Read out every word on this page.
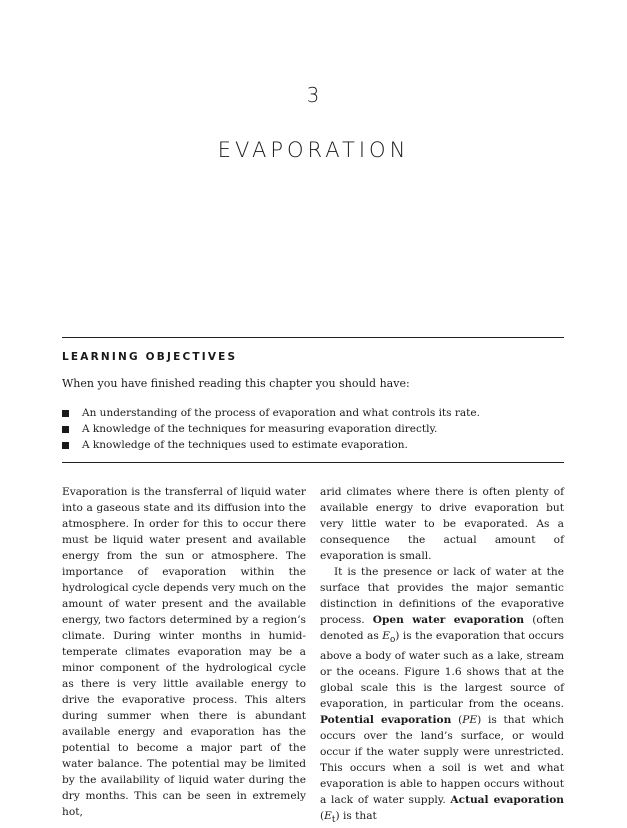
3
EVAPORATION
LEARNING OBJECTIVES
When you have finished reading this chapter you should have:
An understanding of the process of evaporation and what controls its rate.
A knowledge of the techniques for measuring evaporation directly.
A knowledge of the techniques used to estimate evaporation.

Evaporation is the transferral of liquid water into a gaseous state and its diffusion into the atmosphere. In order for this to occur there must be liquid water present and available energy from the sun or atmosphere. The importance of evaporation within the hydrological cycle depends very much on the amount of water present and the available energy, two factors determined by a region’s climate. During winter months in humid-temperate climates evaporation may be a minor component of the hydrological cycle as there is very little available energy to drive the evaporative process. This alters during summer when there is abundant available energy and evaporation has the potential to become a major part of the water balance. The potential may be limited by the availability of liquid water during the dry months. This can be seen in extremely hot,

arid climates where there is often plenty of available energy to drive evaporation but very little water to be evaporated. As a consequence the actual amount of evaporation is small.

It is the presence or lack of water at the surface that provides the major semantic distinction in definitions of the evaporative process. Open water evaporation (often denoted as $E_o$) is the evaporation that occurs above a body of water such as a lake, stream or the oceans. Figure 1.6 shows that at the global scale this is the largest source of evaporation, in particular from the oceans. Potential evaporation (PE) is that which occurs over the land’s surface, or would occur if the water supply were unrestricted. This occurs when a soil is wet and what evaporation is able to happen occurs without a lack of water supply. Actual evaporation $(E_t)$ is that
